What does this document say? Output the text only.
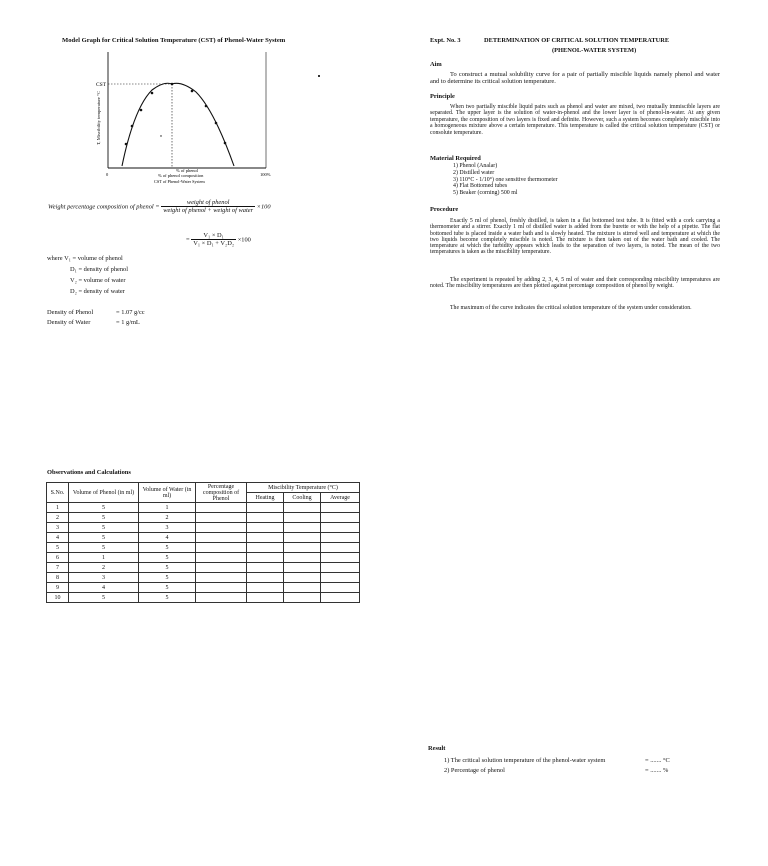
Model Graph for Critical Solution Temperature (CST) of Phenol-Water System
CST
T, Miscibility temperature °C
0	100%
% of phenol
% of phenol composition
CST of Phenol-Water System
Weight percentage composition of phenol = $\frac{\text{weight of phenol}}{\text{weight of phenol + weight of water}} \times 100$
= $\frac{\text{V₁ × D₁}}{\text{V₁ × D₁ + V₂D₂}} \times 100$
where V₁ = volume of phenol
D₁ = density of phenol
V₂ = volume of water
D₂ = density of water
Density of Phenol	= 1.07 g/cc
Density of Water	= 1 g/mL
Observations and Calculations
S.No.	Volume of Phenol (in ml)	Volume of Water (in ml)	Percentage composition of Phenol	Miscibility Temperature (°C)		
				Heating	Cooling	Average
1	5	1				
2	5	2				
3	5	3				
4	5	4				
5	5	5				
6	1	5				
7	2	5				
8	3	5				
9	4	5				
10	5	5				
Expt. No. 3	DETERMINATION OF CRITICAL SOLUTION TEMPERATURE
(PHENOL-WATER SYSTEM)
Aim
To construct a mutual solubility curve for a pair of partially miscible liquids namely phenol and water and to determine its critical solution temperature.
Principle
When two partially miscible liquid pairs such as phenol and water are mixed, two mutually immiscible layers are separated. The upper layer is the solution of water-in-phenol and the lower layer is of phenol-in-water. At any given temperature, the composition of two layers is fixed and definite. However, such a system becomes completely miscible into a homogeneous mixture above a certain temperature. This temperature is called the critical solution temperature (CST) or consolute temperature.
Material Required
1) Phenol (Analar)
2) Distilled water
3) 110°C - 1/10°) one sensitive thermometer
4) Flat Bottomed tubes
5) Beaker (corning) 500 ml
Procedure
Exactly 5 ml of phenol, freshly distilled, is taken in a flat bottomed test tube. It is fitted with a cork carrying a thermometer and a stirrer. Exactly 1 ml of distilled water is added from the burette or with the help of a pipette. The flat bottomed tube is placed inside a water bath and is slowly heated. The mixture is stirred well and temperature at which the two liquids become completely miscible is noted. The mixture is then taken out of the water bath and cooled. The temperature at which the turbidity appears which leads to the separation of two layers, is noted. The mean of the two temperatures is taken as the miscibility temperature.
The experiment is repeated by adding 2, 3, 4, 5 ml of water and their corresponding miscibility temperatures are noted. The miscibility temperatures are then plotted against percentage composition of phenol by weight.
The maximum of the curve indicates the critical solution temperature of the system under consideration.
Result
1) The critical solution temperature of the phenol-water system	= ....... °C
2) Percentage of phenol	= ....... %
